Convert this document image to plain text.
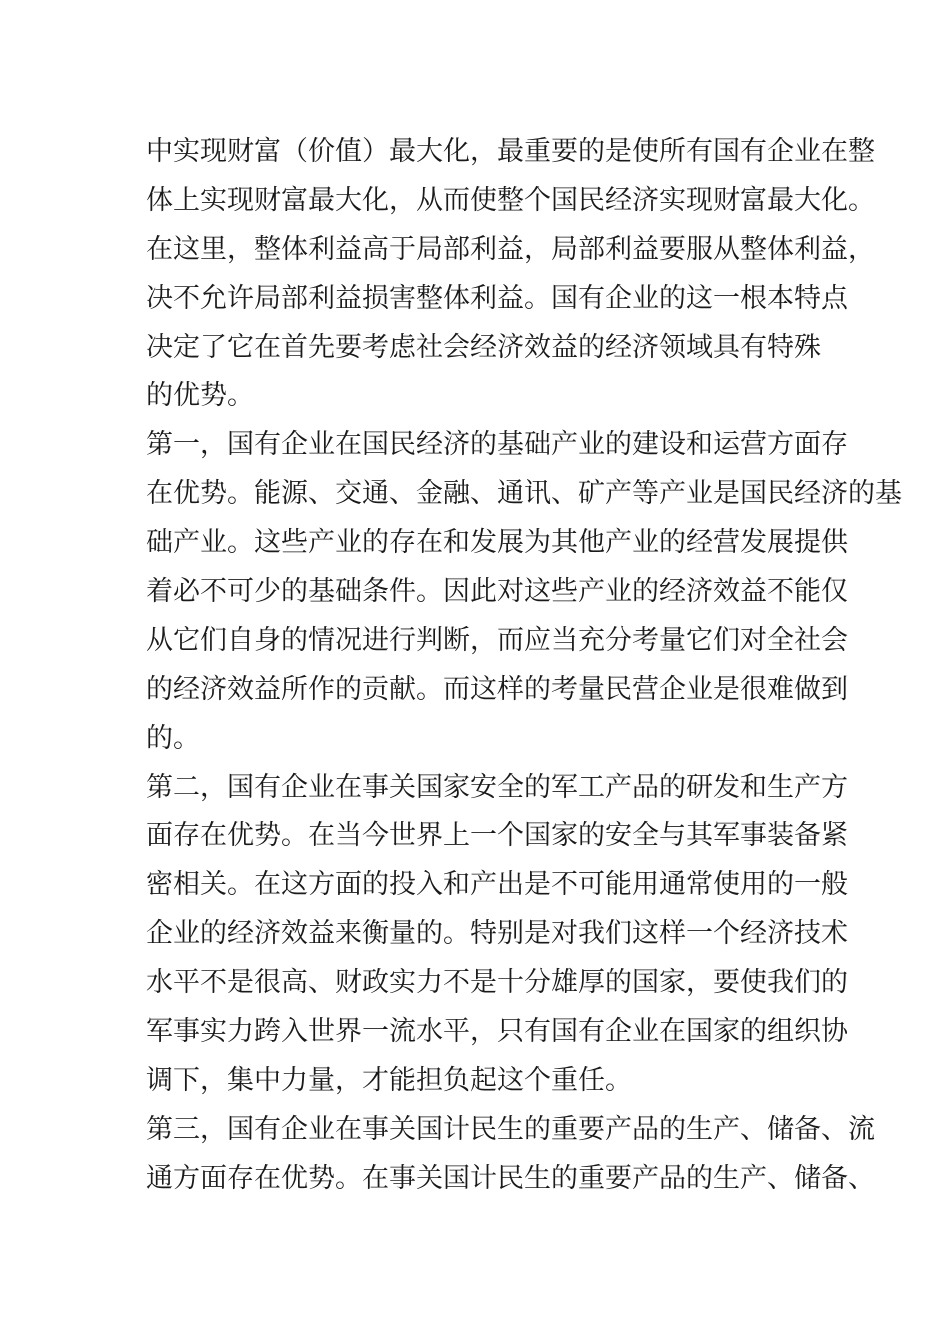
中实现财富（价值）最大化，最重要的是使所有国有企业在整
体上实现财富最大化，从而使整个国民经济实现财富最大化。
在这里，整体利益高于局部利益，局部利益要服从整体利益，
决不允许局部利益损害整体利益。国有企业的这一根本特点
决定了它在首先要考虑社会经济效益的经济领域具有特殊
的优势。
第一，国有企业在国民经济的基础产业的建设和运营方面存
在优势。能源、交通、金融、通讯、矿产等产业是国民经济的基
础产业。这些产业的存在和发展为其他产业的经营发展提供
着必不可少的基础条件。因此对这些产业的经济效益不能仅
从它们自身的情况进行判断，而应当充分考量它们对全社会
的经济效益所作的贡献。而这样的考量民营企业是很难做到
的。
第二，国有企业在事关国家安全的军工产品的研发和生产方
面存在优势。在当今世界上一个国家的安全与其军事装备紧
密相关。在这方面的投入和产出是不可能用通常使用的一般
企业的经济效益来衡量的。特别是对我们这样一个经济技术
水平不是很高、财政实力不是十分雄厚的国家，要使我们的
军事实力跨入世界一流水平，只有国有企业在国家的组织协
调下，集中力量，才能担负起这个重任。
第三，国有企业在事关国计民生的重要产品的生产、储备、流
通方面存在优势。在事关国计民生的重要产品的生产、储备、
